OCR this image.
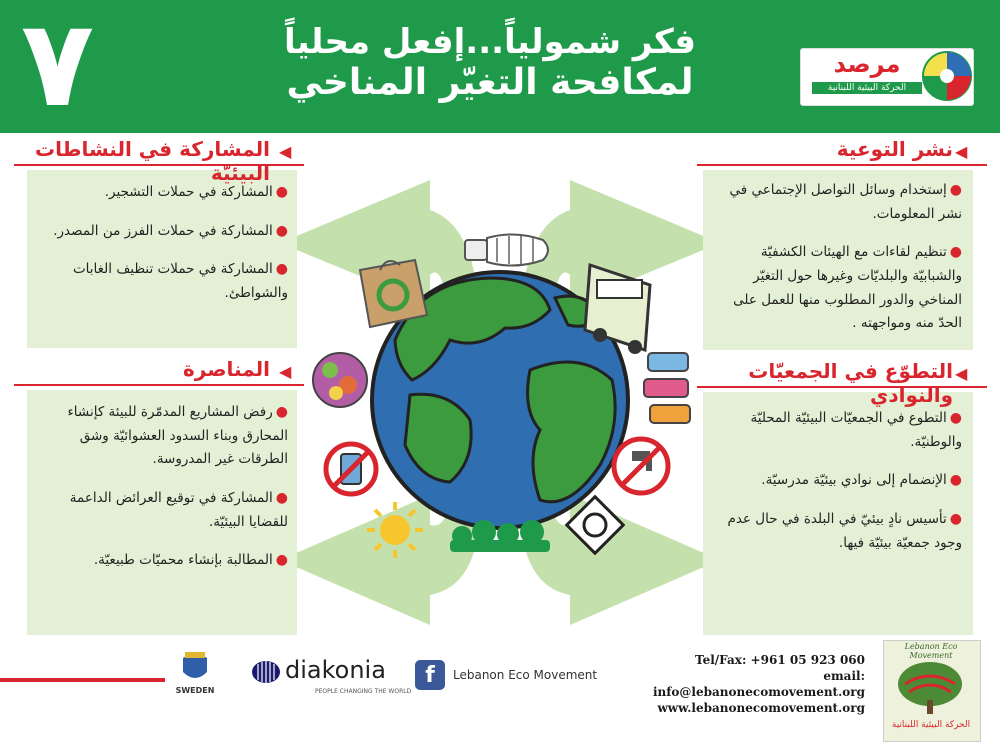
٧	فكر شمولياً...إفعل محلياً
لمكافحة التغيّر المناخي	مرصد
الحركة البيئية اللبنانية
المشاركة في النشاطات البيئيّة
◀
المناصرة ◀
نشر التوعية ◀
التطوّع في الجمعيّات والنوادي
◀
●المشاركة في حملات التشجير.
●المشاركة في حملات الفرز من المصدر.
●المشاركة في حملات تنظيف الغابات والشواطئ.
●رفض المشاريع المدمّرة للبيئة كإنشاء المحارق وبناء السدود العشوائيّة وشق الطرقات غير المدروسة.
●المشاركة في توقيع العرائض الداعمة للقضايا البيئيّة.
●المطالبة بإنشاء محميّات طبيعيّة.
●إستخدام وسائل التواصل الإجتماعي في نشر المعلومات.
●تنظيم لقاءات مع الهيئات الكشفيّة والشبابيّة والبلديّات وغيرها حول التغيّر المناخي والدور المطلوب منها للعمل على الحدّ منه ومواجهته .
●التطوع في الجمعيّات البيئيّة المحليّة والوطنيّة.
●الإنضمام إلى نوادي بيئيّة مدرسيّة.
●تأسيس نادٍ بيئيّ في البلدة في حال عدم وجود جمعيّة بيئيّة فيها.
SWEDEN
diakonia
PEOPLE CHANGING THE WORLD
f	Lebanon Eco Movement
Tel/Fax: +961 05 923 060
email: info@lebanonecomovement.org
www.lebanonecomovement.org
Lebanon Eco Movement
الحركة البيئية اللبنانية
